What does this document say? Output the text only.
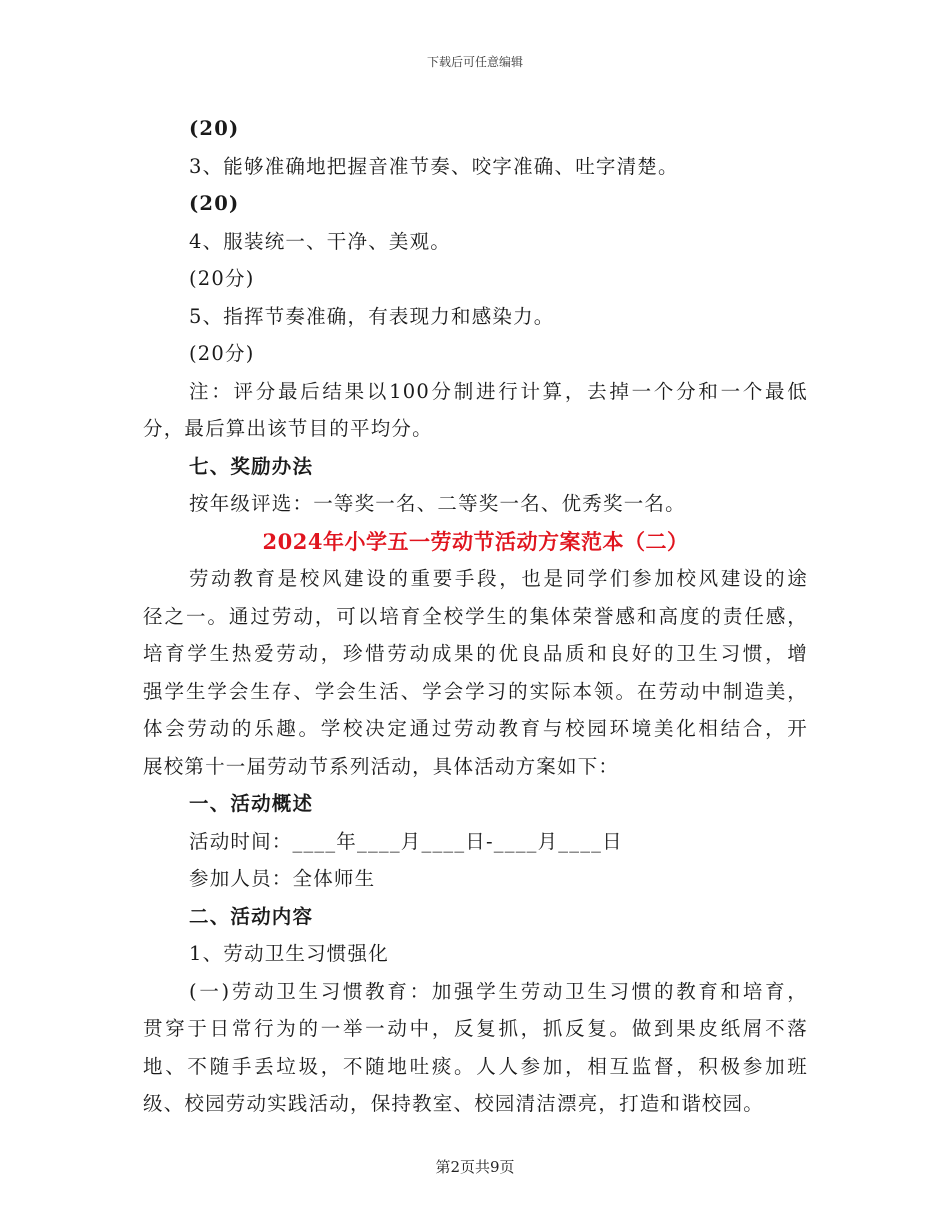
下载后可任意编辑
(20)
3、能够准确地把握音准节奏、咬字准确、吐字清楚。
(20)
4、服装统一、干净、美观。
(20分)
5、指挥节奏准确，有表现力和感染力。
(20分)
注：评分最后结果以100分制进行计算，去掉一个分和一个最低
分，最后算出该节目的平均分。
七、奖励办法
按年级评选：一等奖一名、二等奖一名、优秀奖一名。
2024年小学五一劳动节活动方案范本（二）
劳动教育是校风建设的重要手段，也是同学们参加校风建设的途
径之一。通过劳动，可以培育全校学生的集体荣誉感和高度的责任感，
培育学生热爱劳动，珍惜劳动成果的优良品质和良好的卫生习惯，增
强学生学会生存、学会生活、学会学习的实际本领。在劳动中制造美，
体会劳动的乐趣。学校决定通过劳动教育与校园环境美化相结合，开
展校第十一届劳动节系列活动，具体活动方案如下：
一、活动概述
活动时间：____年____月____日-____月____日
参加人员：全体师生
二、活动内容
1、劳动卫生习惯强化
(一)劳动卫生习惯教育：加强学生劳动卫生习惯的教育和培育，
贯穿于日常行为的一举一动中，反复抓，抓反复。做到果皮纸屑不落
地、不随手丢垃圾，不随地吐痰。人人参加，相互监督，积极参加班
级、校园劳动实践活动，保持教室、校园清洁漂亮，打造和谐校园。
第2页共9页
